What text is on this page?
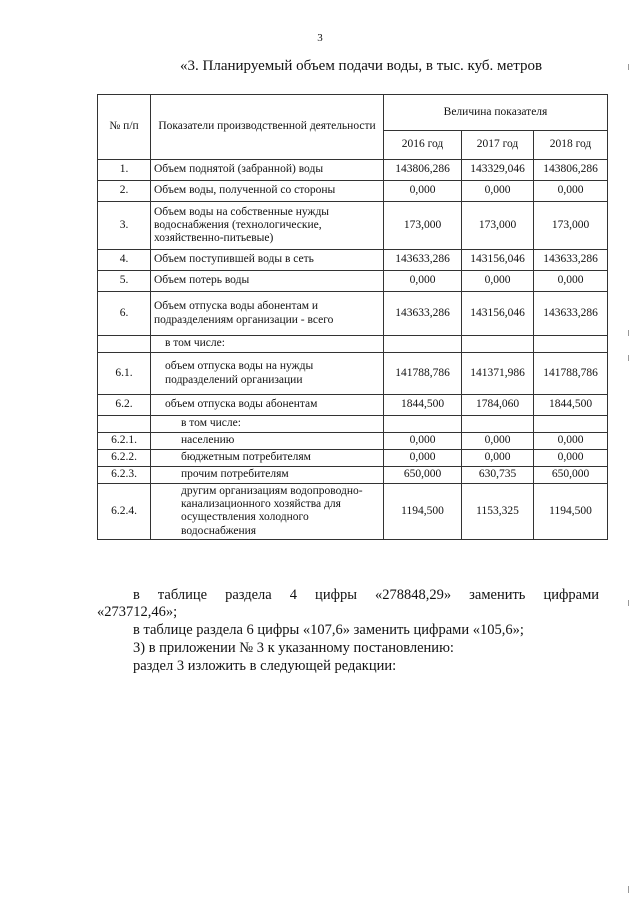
3
«3. Планируемый объем подачи воды, в тыс. куб. метров
№ п/п	Показатели производственной деятельности	Величина показателя		
		2016 год	2017 год	2018 год
1.	Объем поднятой (забранной) воды	143806,286	143329,046	143806,286
2.	Объем воды, полученной со стороны	0,000	0,000	0,000
3.	Объем воды на собственные нужды водоснабжения (технологические, хозяйственно-питьевые)	173,000	173,000	173,000
4.	Объем поступившей воды в сеть	143633,286	143156,046	143633,286
5.	Объем потерь воды	0,000	0,000	0,000
6.	Объем отпуска воды абонентам и подразделениям организации - всего	143633,286	143156,046	143633,286
	в том числе:			
6.1.	объем отпуска воды на нужды подразделений организации	141788,786	141371,986	141788,786
6.2.	объем отпуска воды абонентам	1844,500	1784,060	1844,500
	в том числе:			
6.2.1.	населению	0,000	0,000	0,000
6.2.2.	бюджетным потребителям	0,000	0,000	0,000
6.2.3.	прочим потребителям	650,000	630,735	650,000
6.2.4.	другим организациям водопроводно-канализационного хозяйства для осуществления холодного водоснабжения	1194,500	1153,325	1194,500
в таблице раздела 4 цифры «278848,29» заменить цифрами
«273712,46»;
в таблице раздела 6 цифры «107,6» заменить цифрами «105,6»;
3) в приложении № 3 к указанному постановлению:
раздел 3 изложить в следующей редакции:
